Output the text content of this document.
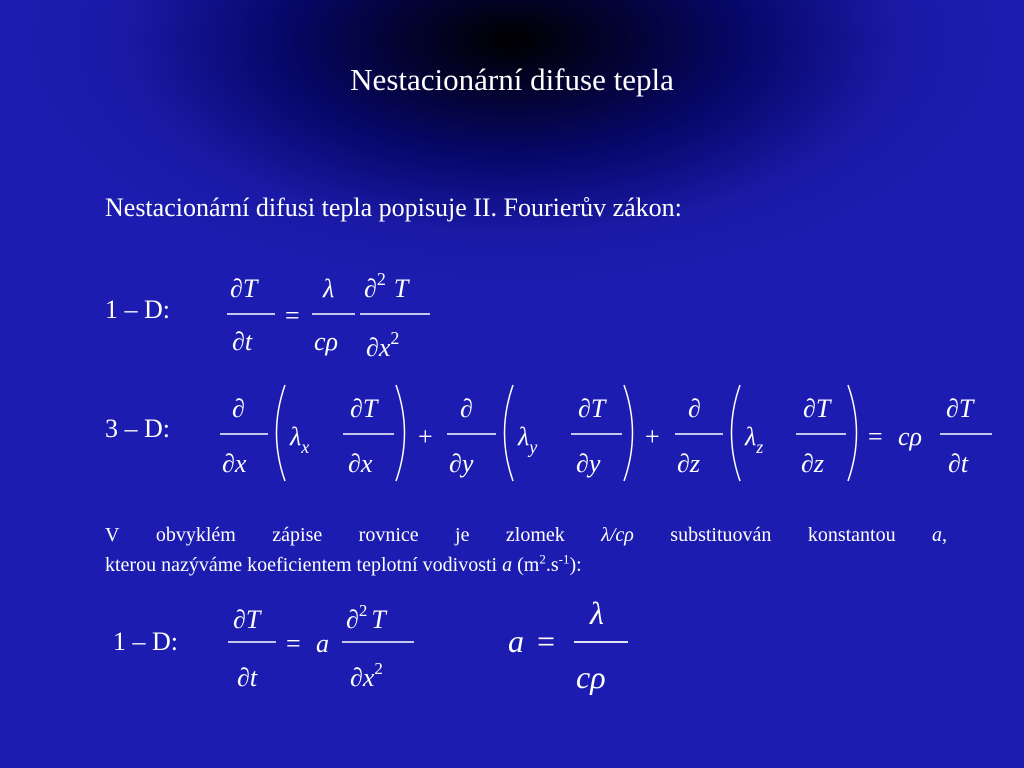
Nestacionární difuse tepla
Nestacionární difusi tepla popisuje II. Fourierův zákon:
1 – D:
3 – D:
1 – D:
V obvyklém zápise rovnice je zlomek λ/cρ substituován konstantou a,
kterou nazýváme koeficientem teplotní vodivosti a $(m^2.s^{-1})$:
∂T
∂t
=
λ
cρ
∂$^2$ T
$\partial x^2$
∂
∂x
$\lambda_x$
∂T
∂x
+
∂
∂y
$\lambda_y$
∂T
∂y
+
∂
∂z
$\lambda_z$
∂T
∂z
= cρ
∂T
∂t
∂T
∂t
= a
∂$^2$ T
$\partial x^2$
a =
λ
cρ
